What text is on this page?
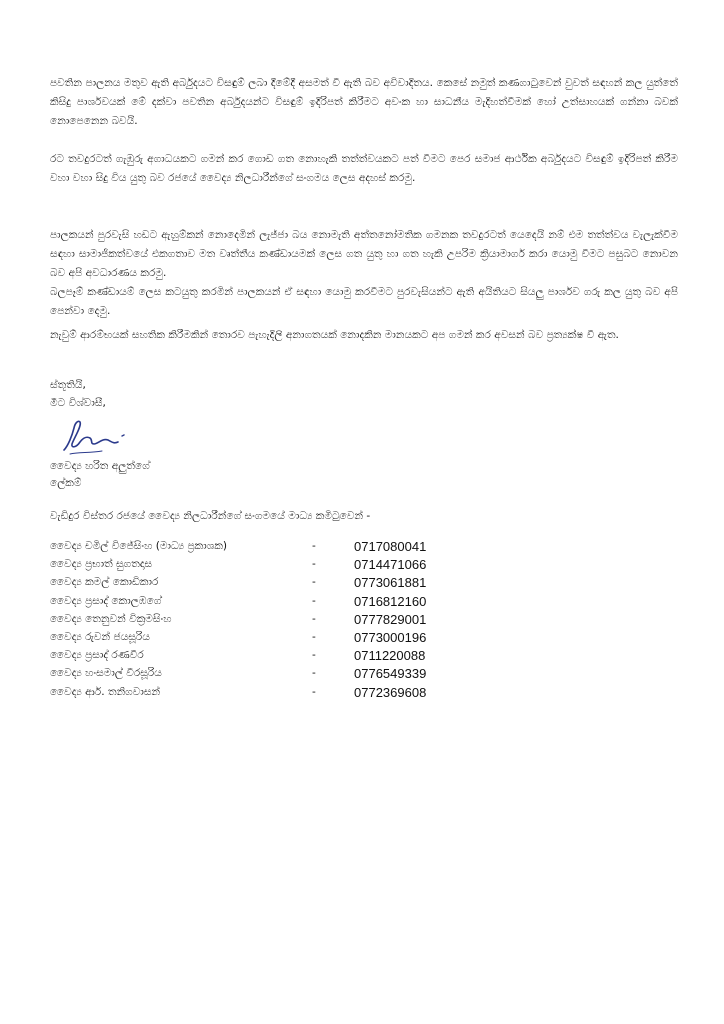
පවතින පාලනය මතුව ඇති අර්බුදයට විසඳුම් ලබා දීමේදී අසමත් වී ඇති බව අවිවාදිතය. කෙසේ නමුත් කණගාටුවෙන් වුවත් සඳහන් කල යුත්තේ කිසිදු පාර්ශවයක් මේ දක්වා පවතින අර්බුදයන්ට විසඳුම් ඉදිරිපත් කිරීමට අවංක හා සාධනීය මැදිහත්වීමක් හෝ උත්සාහයක් ගන්නා බවක් නොපෙනෙන බවයි.

රට තවදුරටත් ගැඹුරු අගාධයකට ගමන් කර ගොඩ ගත නොහැකි තත්ත්වයකට පත් වීමට පෙර සමාජ ආර්ථික අර්බුදයට විසඳුම් ඉදිරිපත් කිරීම වහා වහා සිදු විය යුතු බව රජයේ වෛද්‍ය නිලධාරීන්ගේ සංගමය ලෙස අදහස් කරමු.

පාලකයන් පුරවැසි හඩට ඇහුම්කන් නොදෙමින් ලැජ්ජා බය නොමැති අත්තනෝමතික ගමනක තවදුරටත් යෙදෙයි නම් එම තත්ත්වය වැලැක්වීම සඳහා සාමාජිකත්වයේ එකගතාව මත වෘත්තීය කණ්ඩායමක් ලෙස ගත යුතු හා ගත හැකි උපරිම ක්‍රියාමාර්ග කරා යොමු වීමට පසුබට නොවන බව අපි අවධාරණය කරමු.

බලපෑම් කණ්ඩායම් ලෙස කටයුතු කරමින් පාලකයන් ඒ සඳහා යොමු කරවීමට පුරවැසියන්ට ඇති අයිතියට සියලු පාර්ශව ගරු කල යුතු බව අපි පෙන්වා දෙමු.

නැවුම් ආරම්භයක් සහතික කිරීමකින් තොරව පැහැදිලි අනාගතයක් නොදකින මානයකට අප ගමන් කර අවසන් බව ප්‍රත්‍යක්ෂ වී ඇත.

ස්තූතියි,
මීට විශ්වාසී,
වෛද්‍ය හරිත අලුත්ගේ
ලේකම්
වැඩිදුර විස්තර රජයේ වෛද්‍ය නිලධාරීන්ගේ සංගමයේ මාධ්‍ය කමිටුවෙන් -
වෛද්‍ය චමිල් විජේසිංහ (මාධ්‍ය ප්‍රකාශක)	-	0717080041
වෛද්‍ය ප්‍රභාත් සුගතදාස	-	0714471066
වෛද්‍ය කමල් කොඩිකාර	-	0773061881
වෛද්‍ය ප්‍රසාද් කොලඹගේ	-	0716812160
වෛද්‍ය තෙනුවන් වික්‍රමසිංහ	-	0777829001
වෛද්‍ය රුවන් ජයසූරිය	-	0773000196
වෛද්‍ය ප්‍රසාද් රණවීර	-	0711220088
වෛද්‍ය හංසමාල් වීරසූරිය	-	0776549339
වෛද්‍ය ආර්. තනිගවාසන්	-	0772369608
